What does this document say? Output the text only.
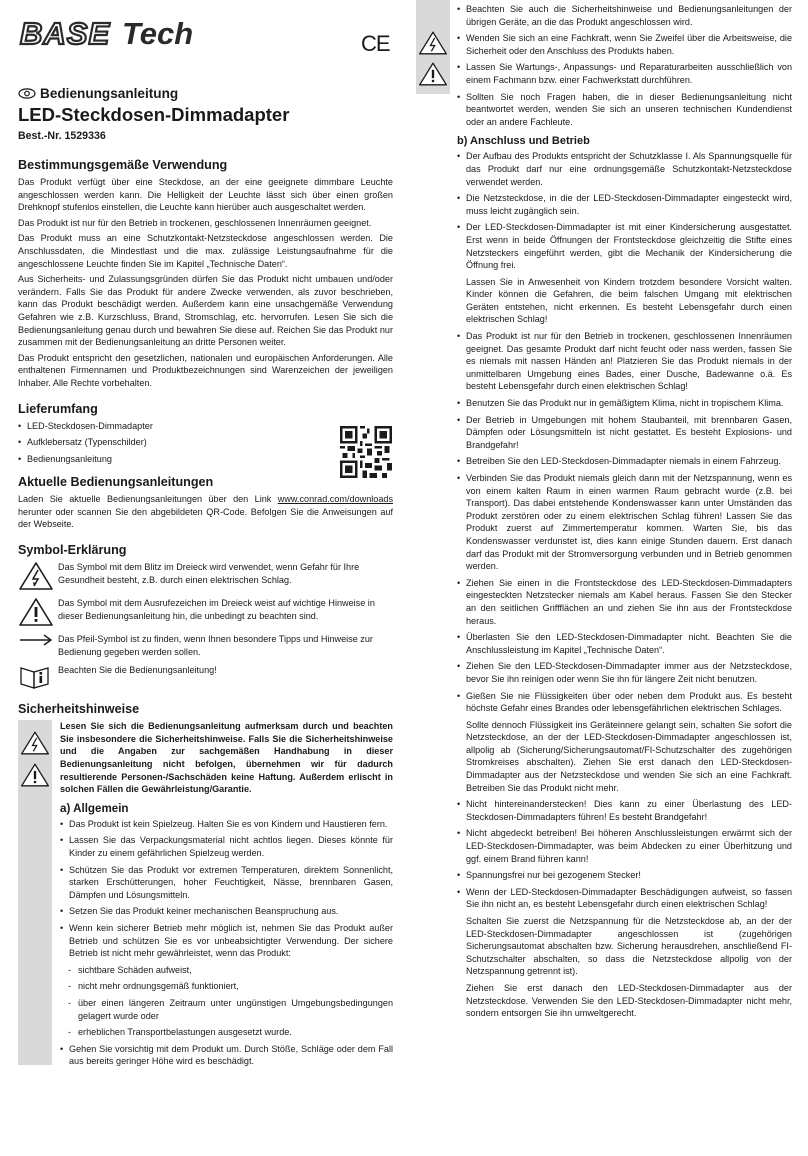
BASE Tech	CE
Bedienungsanleitung
LED-Steckdosen-Dimmadapter
Best.-Nr. 1529336
Bestimmungsgemäße Verwendung

Das Produkt verfügt über eine Steckdose, an der eine geeignete dimmbare Leuchte angeschlossen werden kann. Die Helligkeit der Leuchte lässt sich über einen großen Drehknopf stufenlos einstellen, die Leuchte kann hierüber auch ausgeschaltet werden.

Das Produkt ist nur für den Betrieb in trockenen, geschlossenen Innenräumen geeignet.

Das Produkt muss an eine Schutzkontakt-Netzsteckdose angeschlossen werden. Die Anschlussdaten, die Mindestlast und die max. zulässige Leistungsaufnahme für die angeschlossene Leuchte finden Sie im Kapitel „Technische Daten“.

Aus Sicherheits- und Zulassungsgründen dürfen Sie das Produkt nicht umbauen und/oder verändern. Falls Sie das Produkt für andere Zwecke verwenden, als zuvor beschrieben, kann das Produkt beschädigt werden. Außerdem kann eine unsachgemäße Verwendung Gefahren wie z.B. Kurzschluss, Brand, Stromschlag, etc. hervorrufen. Lesen Sie sich die Bedienungsanleitung genau durch und bewahren Sie diese auf. Reichen Sie das Produkt nur zusammen mit der Bedienungsanleitung an dritte Personen weiter.

Das Produkt entspricht den gesetzlichen, nationalen und europäischen Anforderungen. Alle enthaltenen Firmennamen und Produktbezeichnungen sind Warenzeichen der jeweiligen Inhaber. Alle Rechte vorbehalten.

Lieferumfang
• LED-Steckdosen-Dimmadapter
• Aufklebersatz (Typenschilder)
• Bedienungsanleitung
Aktuelle Bedienungsanleitungen

Laden Sie aktuelle Bedienungsanleitungen über den Link www.conrad.com/downloads herunter oder scannen Sie den abgebildeten QR-Code. Befolgen Sie die Anweisungen auf der Webseite.

Symbol-Erklärung
Das Symbol mit dem Blitz im Dreieck wird verwendet, wenn Gefahr für Ihre Gesundheit besteht, z.B. durch einen elektrischen Schlag.
Das Symbol mit dem Ausrufezeichen im Dreieck weist auf wichtige Hinweise in dieser Bedienungsanleitung hin, die unbedingt zu beachten sind.
Das Pfeil-Symbol ist zu finden, wenn Ihnen besondere Tipps und Hinweise zur Bedienung gegeben werden sollen.
Beachten Sie die Bedienungsanleitung!
Sicherheitshinweise

Lesen Sie sich die Bedienungsanleitung aufmerksam durch und beachten Sie insbesondere die Sicherheitshinweise. Falls Sie die Sicherheitshinweise und die Angaben zur sachgemäßen Handhabung in dieser Bedienungsanleitung nicht befolgen, übernehmen wir für dadurch resultierende Personen-/Sachschäden keine Haftung. Außerdem erlischt in solchen Fällen die Gewährleistung/Garantie.

a) Allgemein
• Das Produkt ist kein Spielzeug. Halten Sie es von Kindern und Haustieren fern.
• Lassen Sie das Verpackungsmaterial nicht achtlos liegen. Dieses könnte für Kinder zu einem gefährlichen Spielzeug werden.
• Schützen Sie das Produkt vor extremen Temperaturen, direktem Sonnenlicht, starken Erschütterungen, hoher Feuchtigkeit, Nässe, brennbaren Gasen, Dämpfen und Lösungsmitteln.
• Setzen Sie das Produkt keiner mechanischen Beanspruchung aus.
• Wenn kein sicherer Betrieb mehr möglich ist, nehmen Sie das Produkt außer Betrieb und schützen Sie es vor unbeabsichtigter Verwendung. Der sichere Betrieb ist nicht mehr gewährleistet, wenn das Produkt:
- sichtbare Schäden aufweist,
- nicht mehr ordnungsgemäß funktioniert,
- über einen längeren Zeitraum unter ungünstigen Umgebungsbedingungen gelagert wurde oder
- erheblichen Transportbelastungen ausgesetzt wurde.
• Gehen Sie vorsichtig mit dem Produkt um. Durch Stöße, Schläge oder dem Fall aus bereits geringer Höhe wird es beschädigt.
• Beachten Sie auch die Sicherheitshinweise und Bedienungsanleitungen der übrigen Geräte, an die das Produkt angeschlossen wird.
• Wenden Sie sich an eine Fachkraft, wenn Sie Zweifel über die Arbeitsweise, die Sicherheit oder den Anschluss des Produkts haben.
• Lassen Sie Wartungs-, Anpassungs- und Reparaturarbeiten ausschließlich von einem Fachmann bzw. einer Fachwerkstatt durchführen.
• Sollten Sie noch Fragen haben, die in dieser Bedienungsanleitung nicht beantwortet werden, wenden Sie sich an unseren technischen Kundendienst oder an andere Fachleute.
b) Anschluss und Betrieb
• Der Aufbau des Produkts entspricht der Schutzklasse I. Als Spannungsquelle für das Produkt darf nur eine ordnungsgemäße Schutzkontakt-Netzsteckdose verwendet werden.
• Die Netzsteckdose, in die der LED-Steckdosen-Dimmadapter eingesteckt wird, muss leicht zugänglich sein.
• Der LED-Steckdosen-Dimmadapter ist mit einer Kindersicherung ausgestattet. Erst wenn in beide Öffnungen der Frontsteckdose gleichzeitig die Stifte eines Netzsteckers eingeführt werden, gibt die Mechanik der Kindersicherung die Öffnung frei.

Lassen Sie in Anwesenheit von Kindern trotzdem besondere Vorsicht walten. Kinder können die Gefahren, die beim falschen Umgang mit elektrischen Geräten entstehen, nicht erkennen. Es besteht Lebensgefahr durch einen elektrischen Schlag!

• Das Produkt ist nur für den Betrieb in trockenen, geschlossenen Innenräumen geeignet. Das gesamte Produkt darf nicht feucht oder nass werden, fassen Sie es niemals mit nassen Händen an! Platzieren Sie das Produkt niemals in der unmittelbaren Umgebung eines Bades, einer Dusche, Badewanne o.ä. Es besteht Lebensgefahr durch einen elektrischen Schlag!
• Benutzen Sie das Produkt nur in gemäßigtem Klima, nicht in tropischem Klima.
• Der Betrieb in Umgebungen mit hohem Staubanteil, mit brennbaren Gasen, Dämpfen oder Lösungsmitteln ist nicht gestattet. Es besteht Explosions- und Brandgefahr!
• Betreiben Sie den LED-Steckdosen-Dimmadapter niemals in einem Fahrzeug.
• Verbinden Sie das Produkt niemals gleich dann mit der Netzspannung, wenn es von einem kalten Raum in einen warmen Raum gebracht wurde (z.B. bei Transport). Das dabei entstehende Kondenswasser kann unter Umständen das Produkt zerstören oder zu einem elektrischen Schlag führen! Lassen Sie das Produkt zuerst auf Zimmertemperatur kommen. Warten Sie, bis das Kondenswasser verdunstet ist, dies kann einige Stunden dauern. Erst danach darf das Produkt mit der Stromversorgung verbunden und in Betrieb genommen werden.
• Ziehen Sie einen in die Frontsteckdose des LED-Steckdosen-Dimmadapters eingesteckten Netzstecker niemals am Kabel heraus. Fassen Sie den Stecker an den seitlichen Griffflächen an und ziehen Sie ihn aus der Frontsteckdose heraus.
• Überlasten Sie den LED-Steckdosen-Dimmadapter nicht. Beachten Sie die Anschlussleistung im Kapitel „Technische Daten“.
• Ziehen Sie den LED-Steckdosen-Dimmadapter immer aus der Netzsteckdose, bevor Sie ihn reinigen oder wenn Sie ihn für längere Zeit nicht benutzen.
• Gießen Sie nie Flüssigkeiten über oder neben dem Produkt aus. Es besteht höchste Gefahr eines Brandes oder lebensgefährlichen elektrischen Schlages.

Sollte dennoch Flüssigkeit ins Geräteinnere gelangt sein, schalten Sie sofort die Netzsteckdose, an der der LED-Steckdosen-Dimmadapter angeschlossen ist, allpolig ab (Sicherung/Sicherungsautomat/FI-Schutzschalter des zugehörigen Stromkreises abschalten). Ziehen Sie erst danach den LED-Steckdosen-Dimmadapter aus der Netzsteckdose und wenden Sie sich an eine Fachkraft. Betreiben Sie das Produkt nicht mehr.

• Nicht hintereinanderstecken! Dies kann zu einer Überlastung des LED-Steckdosen-Dimmadapters führen! Es besteht Brandgefahr!
• Nicht abgedeckt betreiben! Bei höheren Anschlussleistungen erwärmt sich der LED-Steckdosen-Dimmadapter, was beim Abdecken zu einer Überhitzung und ggf. einem Brand führen kann!
• Spannungsfrei nur bei gezogenem Stecker!
• Wenn der LED-Steckdosen-Dimmadapter Beschädigungen aufweist, so fassen Sie ihn nicht an, es besteht Lebensgefahr durch einen elektrischen Schlag!

Schalten Sie zuerst die Netzspannung für die Netzsteckdose ab, an der der LED-Steckdosen-Dimmadapter angeschlossen ist (zugehörigen Sicherungsautomat abschalten bzw. Sicherung herausdrehen, anschließend FI-Schutzschalter abschalten, so dass die Netzsteckdose allpolig von der Netzspannung getrennt ist).

Ziehen Sie erst danach den LED-Steckdosen-Dimmadapter aus der Netzsteckdose. Verwenden Sie den LED-Steckdosen-Dimmadapter nicht mehr, sondern entsorgen Sie ihn umweltgerecht.
